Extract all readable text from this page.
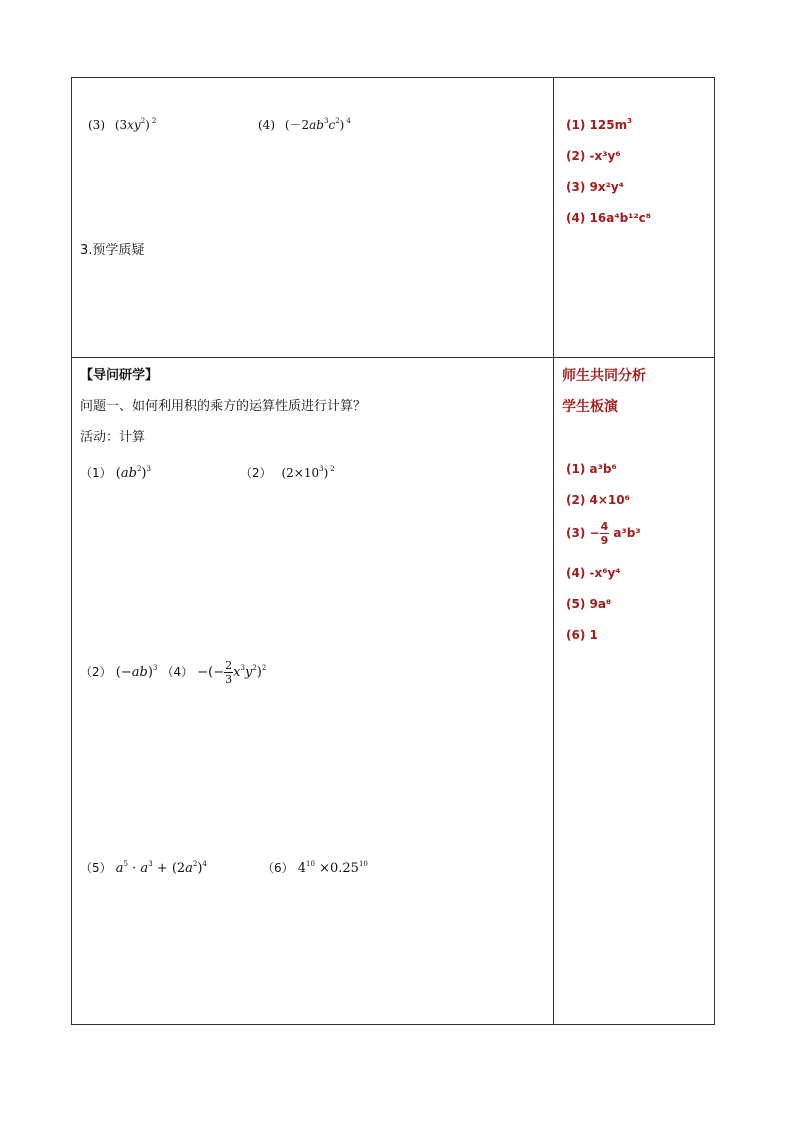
(3) $(3xy^2)$ $^2$	(4) $(-2ab^3c^2)$ $^4$
3.预学质疑
(1) $125m^3$
(2) -x³y⁶
(3) 9x²y⁴
(4) 16a⁴b¹²c⁸
【导问研学】
问题一、如何利用积的乘方的运算性质进行计算？
活动：计算
（1） $(ab^2)^3$	（2） $(2\times 10^3)$ $^2$
（2） $(-ab)^3$ （4） −(− $\frac{2}{3} x^3y^2)^2$
（5） $a^5 \cdot a^3 + (2a^2)^4$	（6） $4^{10} \times 0.25^{10}$
师生共同分析
学生板演
(1) a³b⁶
(2) 4×10⁶
$(3) - \frac{4}{9} a^3b^3$
(4) -x⁶y⁴
(5) 9a⁸
(6) 1
